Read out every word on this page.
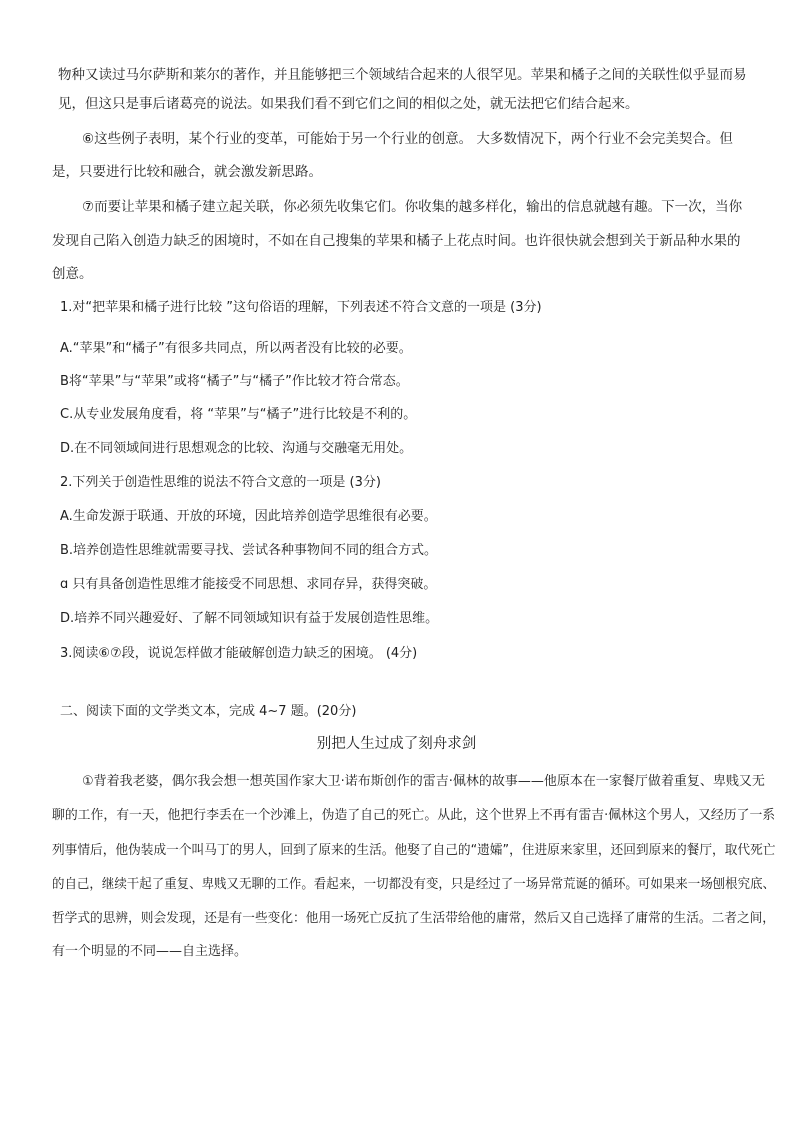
物种又读过马尔萨斯和莱尔的著作，并且能够把三个领域结合起来的人很罕见。苹果和橘子之间的关联性似乎显而易
见，但这只是事后诸葛亮的说法。如果我们看不到它们之间的相似之处，就无法把它们结合起来。
⑥这些例子表明，某个行业的变革，可能始于另一个行业的创意。 大多数情况下，两个行业不会完美契合。但
是，只要进行比较和融合，就会激发新思路。
⑦而要让苹果和橘子建立起关联，你必须先收集它们。你收集的越多样化，输出的信息就越有趣。下一次，当你
发现自己陷入创造力缺乏的困境时，不如在自己搜集的苹果和橘子上花点时间。也许很快就会想到关于新品种水果的
创意。
1.对“把苹果和橘子进行比较 ”这句俗语的理解，下列表述不符合文意的一项是 (3分)
A.“苹果”和“橘子”有很多共同点，所以两者没有比较的必要。
B将“苹果”与“苹果”或将“橘子”与“橘子”作比较才符合常态。
C.从专业发展角度看，将 “苹果”与“橘子”进行比较是不利的。
D.在不同领域间进行思想观念的比较、沟通与交融毫无用处。
2.下列关于创造性思维的说法不符合文意的一项是 (3分)
A.生命发源于联通、开放的环境，因此培养创造学思维很有必要。
B.培养创造性思维就需要寻找、尝试各种事物间不同的组合方式。
ɑ 只有具备创造性思维才能接受不同思想、求同存异，获得突破。
D.培养不同兴趣爱好、了解不同领域知识有益于发展创造性思维。
3.阅读⑥⑦段，说说怎样做才能破解创造力缺乏的困境。 (4分)
二、阅读下面的文学类文本，完成 4~7 题。(20分)
别把人生过成了刻舟求剑
①背着我老婆，偶尔我会想一想英国作家大卫·诺布斯创作的雷吉·佩林的故事——他原本在一家餐厅做着重复、卑贱又无
聊的工作，有一天，他把行李丢在一个沙滩上，伪造了自己的死亡。从此，这个世界上不再有雷吉·佩林这个男人，又经历了一系
列事情后，他伪装成一个叫马丁的男人，回到了原来的生活。他娶了自己的“遗孀”，住进原来家里，还回到原来的餐厅，取代死亡
的自己，继续干起了重复、卑贱又无聊的工作。看起来，一切都没有变，只是经过了一场异常荒诞的循环。可如果来一场刨根究底、
哲学式的思辨，则会发现，还是有一些变化：他用一场死亡反抗了生活带给他的庸常，然后又自己选择了庸常的生活。二者之间，
有一个明显的不同——自主选择。
